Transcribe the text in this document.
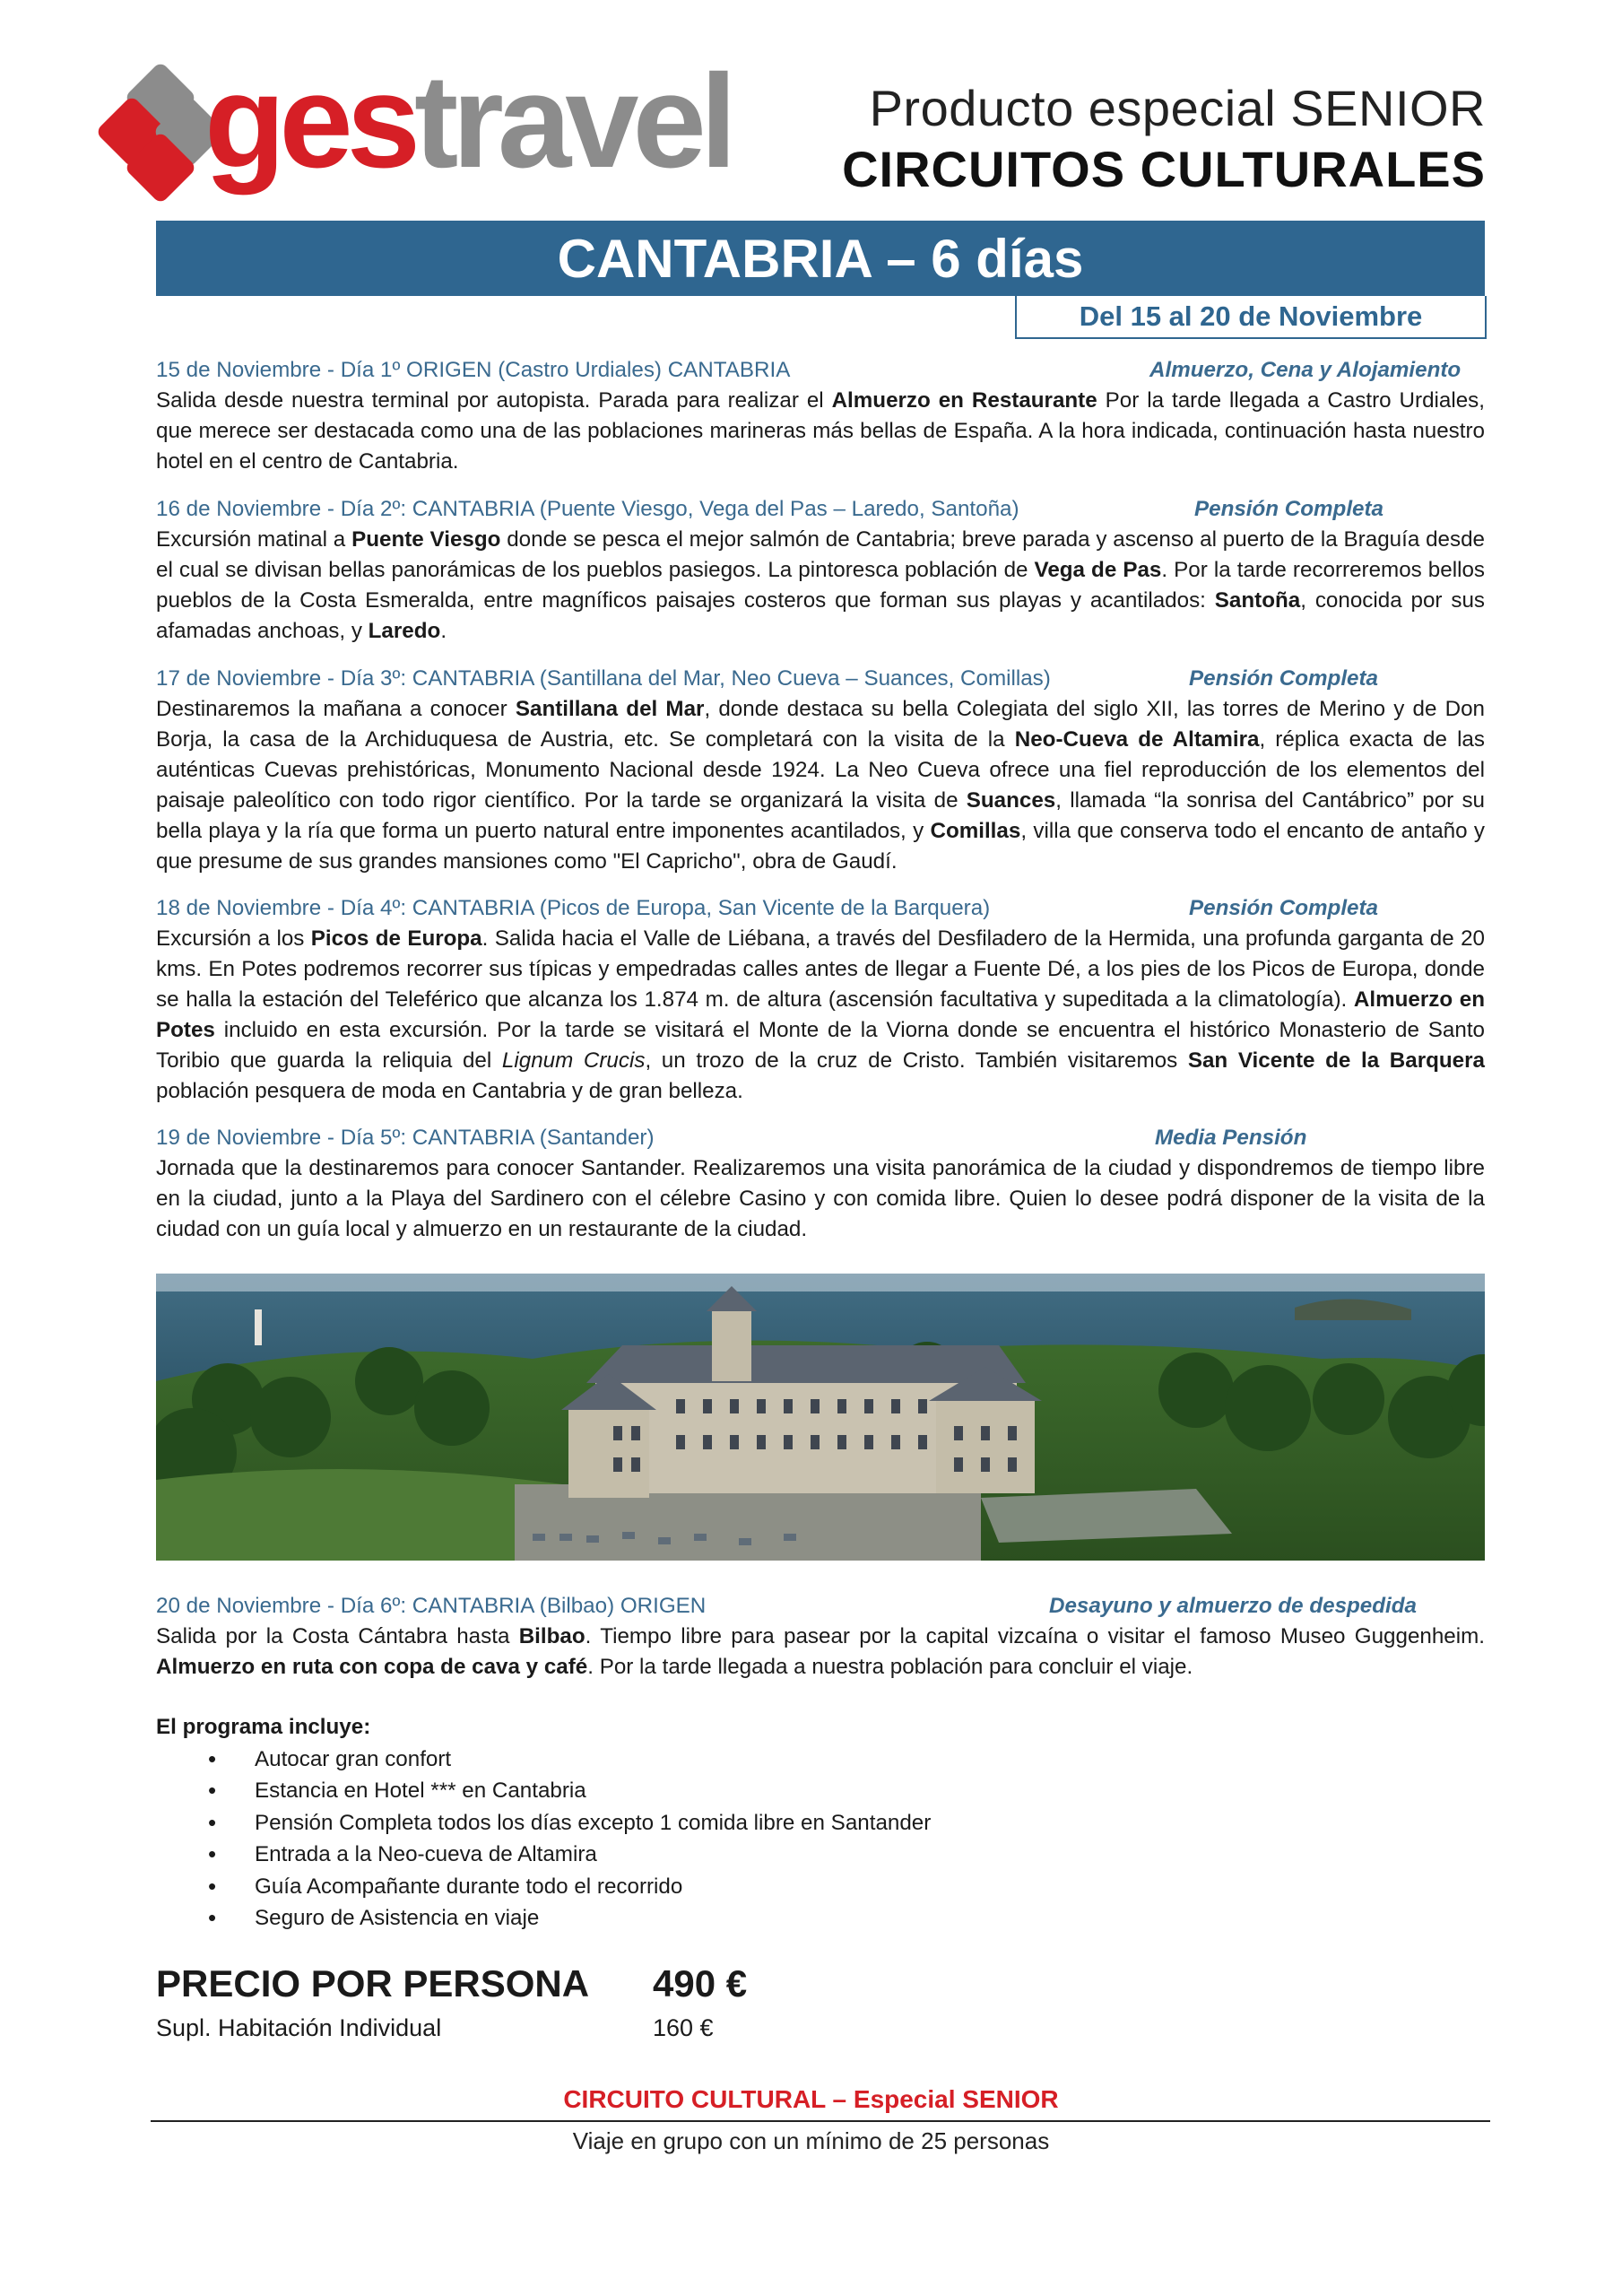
gestravel	Producto especial SENIOR
CIRCUITOS CULTURALES
CANTABRIA – 6 días
Del 15 al 20 de Noviembre
15 de Noviembre - Día 1º ORIGEN (Castro Urdiales) CANTABRIA	Almuerzo, Cena y Alojamiento

Salida desde nuestra terminal por autopista. Parada para realizar el Almuerzo en Restaurante Por la tarde llegada a Castro Urdiales, que merece ser destacada como una de las poblaciones marineras más bellas de España. A la hora indicada, continuación hasta nuestro hotel en el centro de Cantabria.

16 de Noviembre - Día 2º: CANTABRIA (Puente Viesgo, Vega del Pas – Laredo, Santoña)	Pensión Completa

Excursión matinal a Puente Viesgo donde se pesca el mejor salmón de Cantabria; breve parada y ascenso al puerto de la Braguía desde el cual se divisan bellas panorámicas de los pueblos pasiegos. La pintoresca población de Vega de Pas. Por la tarde recorreremos bellos pueblos de la Costa Esmeralda, entre magníficos paisajes costeros que forman sus playas y acantilados: Santoña, conocida por sus afamadas anchoas, y Laredo.

17 de Noviembre - Día 3º: CANTABRIA (Santillana del Mar, Neo Cueva – Suances, Comillas)	Pensión Completa

Destinaremos la mañana a conocer Santillana del Mar, donde destaca su bella Colegiata del siglo XII, las torres de Merino y de Don Borja, la casa de la Archiduquesa de Austria, etc. Se completará con la visita de la Neo-Cueva de Altamira, réplica exacta de las auténticas Cuevas prehistóricas, Monumento Nacional desde 1924. La Neo Cueva ofrece una fiel reproducción de los elementos del paisaje paleolítico con todo rigor científico. Por la tarde se organizará la visita de Suances, llamada “la sonrisa del Cantábrico” por su bella playa y la ría que forma un puerto natural entre imponentes acantilados, y Comillas, villa que conserva todo el encanto de antaño y que presume de sus grandes mansiones como "El Capricho", obra de Gaudí.

18 de Noviembre - Día 4º: CANTABRIA (Picos de Europa, San Vicente de la Barquera)	Pensión Completa

Excursión a los Picos de Europa. Salida hacia el Valle de Liébana, a través del Desfiladero de la Hermida, una profunda garganta de 20 kms. En Potes podremos recorrer sus típicas y empedradas calles antes de llegar a Fuente Dé, a los pies de los Picos de Europa, donde se halla la estación del Teleférico que alcanza los 1.874 m. de altura (ascensión facultativa y supeditada a la climatología). Almuerzo en Potes incluido en esta excursión. Por la tarde se visitará el Monte de la Viorna donde se encuentra el histórico Monasterio de Santo Toribio que guarda la reliquia del Lignum Crucis, un trozo de la cruz de Cristo. También visitaremos San Vicente de la Barquera población pesquera de moda en Cantabria y de gran belleza.

19 de Noviembre - Día 5º: CANTABRIA (Santander)	Media Pensión

Jornada que la destinaremos para conocer Santander. Realizaremos una visita panorámica de la ciudad y dispondremos de tiempo libre en la ciudad, junto a la Playa del Sardinero con el célebre Casino y con comida libre. Quien lo desee podrá disponer de la visita de la ciudad con un guía local y almuerzo en un restaurante de la ciudad.

20 de Noviembre - Día 6º: CANTABRIA (Bilbao) ORIGEN	Desayuno y almuerzo de despedida

Salida por la Costa Cántabra hasta Bilbao. Tiempo libre para pasear por la capital vizcaína o visitar el famoso Museo Guggenheim. Almuerzo en ruta con copa de cava y café. Por la tarde llegada a nuestra población para concluir el viaje.

El programa incluye:
• Autocar gran confort
• Estancia en Hotel *** en Cantabria
• Pensión Completa todos los días excepto 1 comida libre en Santander
• Entrada a la Neo-cueva de Altamira
• Guía Acompañante durante todo el recorrido
• Seguro de Asistencia en viaje
PRECIO POR PERSONA 490 €
Supl. Habitación Individual	160 €
CIRCUITO CULTURAL – Especial SENIOR
Viaje en grupo con un mínimo de 25 personas
